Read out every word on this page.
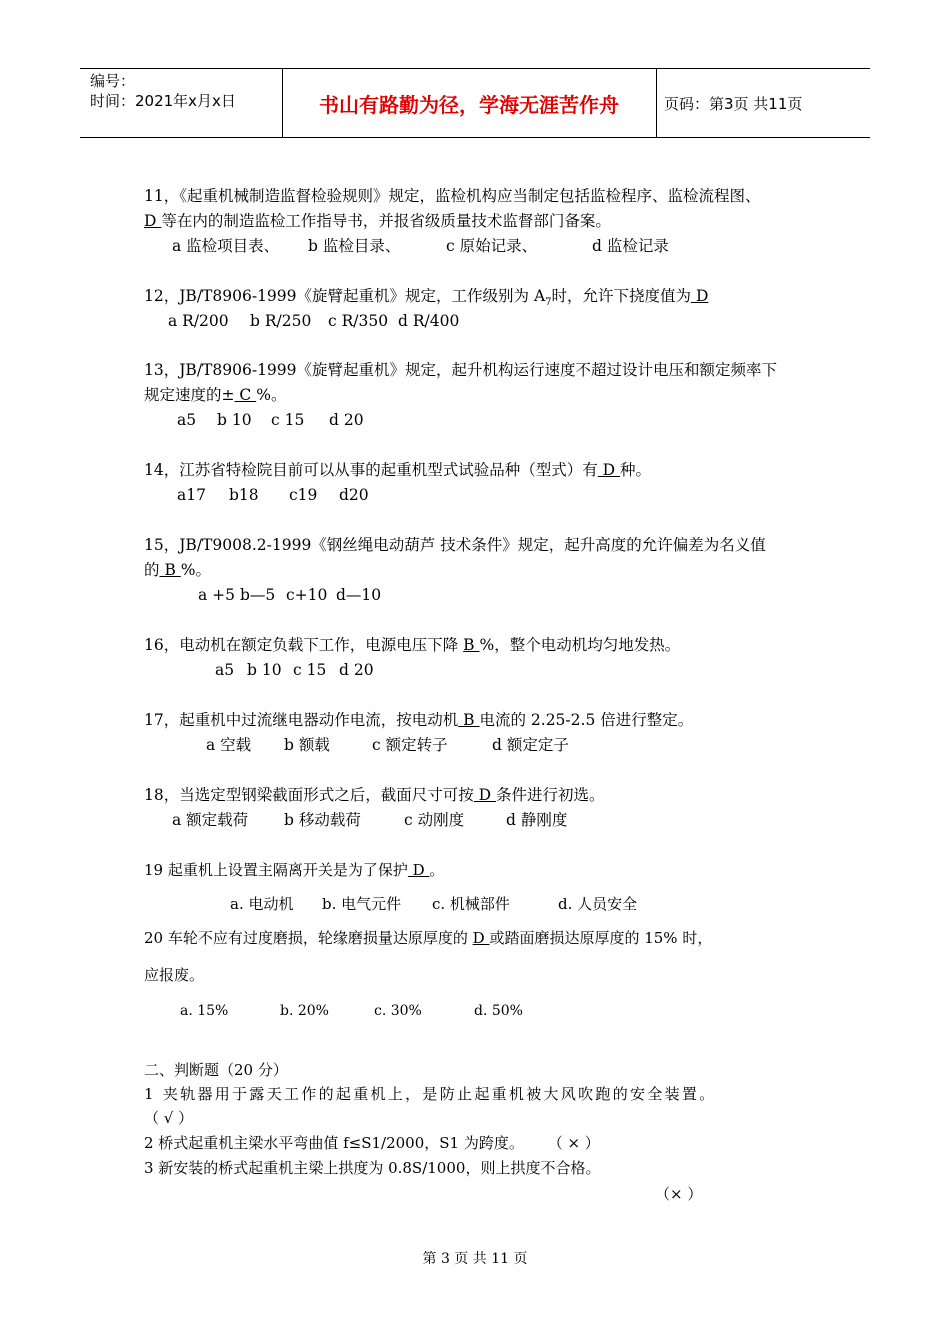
编号：
时间：2021年x月x日	书山有路勤为径，学海无涯苦作舟	页码：第3页 共11页
11，《起重机械制造监督检验规则》规定，监检机构应当制定包括监检程序、监检流程图、
D 等在内的制造监检工作指导书，并报省级质量技术监督部门备案。
a 监检项目表、 b 监检目录、	c 原始记录、	d 监检记录
12，JB/T8906-1999《旋臂起重机》规定，工作级别为 $A_7$时，允许下挠度值为 D
a R/200 b R/250 c R/350 d R/400
13，JB/T8906-1999《旋臂起重机》规定，起升机构运行速度不超过设计电压和额定频率下
规定速度的± C %。
a5 b 10 c 15 d 20
14，江苏省特检院目前可以从事的起重机型式试验品种（型式）有 D 种。
a17 b18 c19 d20
15，JB/T9008.2-1999《钢丝绳电动葫芦 技术条件》规定，起升高度的允许偏差为名义值
的 B %。
a +5 b—5 c+10 d—10
16，电动机在额定负载下工作，电源电压下降 B %，整个电动机均匀地发热。
a5 b 10 c 15 d 20
17，起重机中过流继电器动作电流，按电动机 B 电流的 2.25-2.5 倍进行整定。
a 空载 b 额载	c 额定转子	d 额定定子
18，当选定型钢梁截面形式之后，截面尺寸可按 D 条件进行初选。
a 额定载荷 b 移动载荷	c 动刚度	d 静刚度
19 起重机上设置主隔离开关是为了保护 D 。
a. 电动机 b. 电气元件 c. 机械部件	d. 人员安全
20 车轮不应有过度磨损，轮缘磨损量达原厚度的 D 或踏面磨损达原厚度的 15% 时，
应报废。
a. 15%	b. 20%	c. 30%	d. 50%
二、判断题（20 分）
1 夹轨器用于露天工作的起重机上，是防止起重机被大风吹跑的安全装置。
（ √ ）
2 桥式起重机主梁水平弯曲值 f≤S1/2000，S1 为跨度。 （ × ）
3 新安装的桥式起重机主梁上拱度为 0.8S/1000，则上拱度不合格。
（× ）
第 3 页 共 11 页
